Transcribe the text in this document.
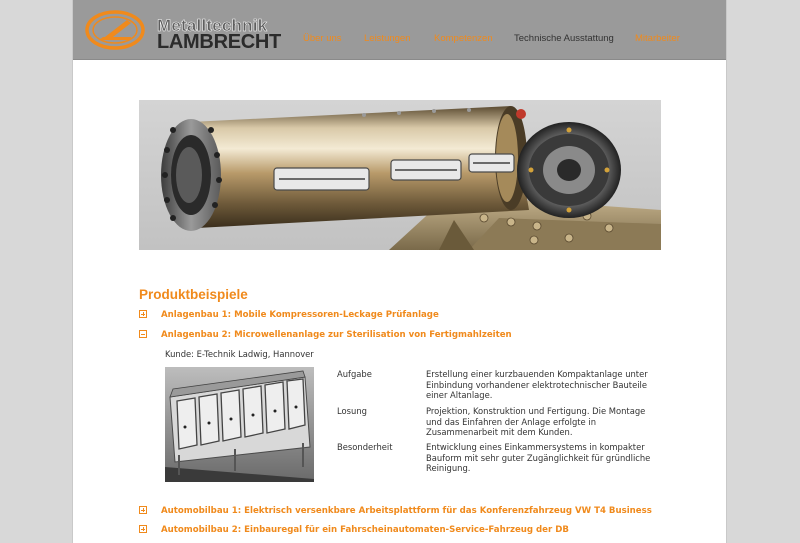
Metalltechnik
LAMBRECHT Über uns Leistungen Kompetenzen Technische Ausstattung Mitarbeiter
Produktbeispiele
Anlagenbau 1: Mobile Kompressoren-Leckage Prüfanlage
Anlagenbau 2: Microwellenanlage zur Sterilisation von Fertigmahlzeiten
Kunde: E-Technik Ladwig, Hannover
Aufgabe	Erstellung einer kurzbauenden Kompaktanlage unter Einbindung vorhandener elektrotechnischer Bauteile einer Altanlage.
Losung	Projektion, Konstruktion und Fertigung. Die Montage und das Einfahren der Anlage erfolgte in Zusammenarbeit mit dem Kunden.
Besonderheit	Entwicklung eines Einkammersystems in kompakter Bauform mit sehr guter Zugänglichkeit für gründliche Reinigung.
Automobilbau 1: Elektrisch versenkbare Arbeitsplattform für das Konferenzfahrzeug VW T4 Business
Automobilbau 2: Einbauregal für ein Fahrscheinautomaten-Service-Fahrzeug der DB
